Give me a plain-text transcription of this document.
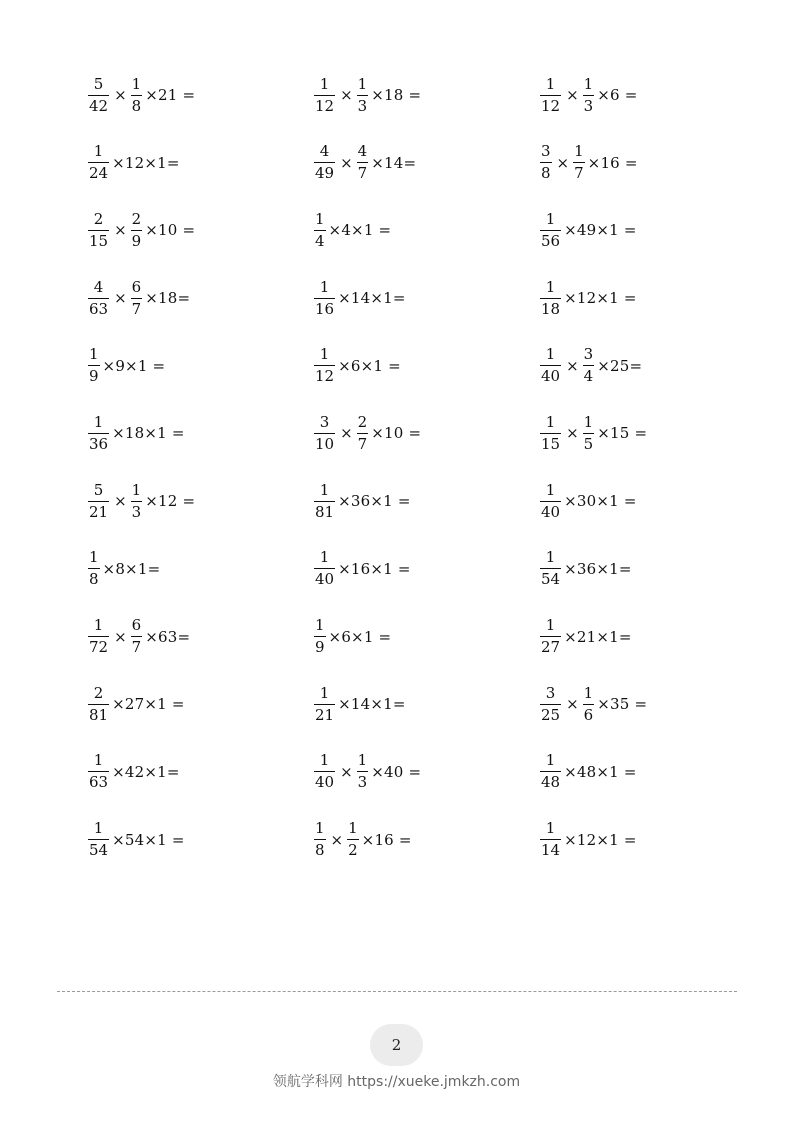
$\frac{5}{42} \times \frac{1}{8} \times 21$ =	$\frac{1}{12} \times \frac{1}{3} \times 18$ =	$\frac{1}{12} \times \frac{1}{3} \times 6$ =
$\frac{1}{24} \times 12\times 1=$	$\frac{4}{49} \times \frac{4}{7} \times 14=$	$\frac{3}{8} \times \frac{1}{7} \times 16$ =
$\frac{2}{15} \times \frac{2}{9} \times 10$ =	$\frac{1}{4} \times 4\times 1$ =	$\frac{1}{56} \times 49\times 1$ =
$\frac{4}{63} \times \frac{6}{7} \times 18=$	$\frac{1}{16} \times 14\times 1=$	$\frac{1}{18} \times 12\times 1$ =
$\frac{1}{9} \times 9\times 1$ =	$\frac{1}{12} \times 6\times 1$ =	$\frac{1}{40} \times \frac{3}{4} \times 25=$
$\frac{1}{36} \times 18\times 1$ =	$\frac{3}{10} \times \frac{2}{7} \times 10$ =	$\frac{1}{15} \times \frac{1}{5} \times 15$ =
$\frac{5}{21} \times \frac{1}{3} \times 12$ =	$\frac{1}{81} \times 36\times 1$ =	$\frac{1}{40} \times 30\times 1$ =
$\frac{1}{8} \times 8\times 1=$	$\frac{1}{40} \times 16\times 1$ =	$\frac{1}{54} \times 36\times 1=$
$\frac{1}{72} \times \frac{6}{7} \times 63=$	$\frac{1}{9} \times 6\times 1$ =	$\frac{1}{27} \times 21\times 1=$
$\frac{2}{81} \times 27\times 1$ =	$\frac{1}{21} \times 14\times 1=$	$\frac{3}{25} \times \frac{1}{6} \times 35$ =
$\frac{1}{63} \times 42\times 1=$	$\frac{1}{40} \times \frac{1}{3} \times 40$ =	$\frac{1}{48} \times 48\times 1$ =
$\frac{1}{54} \times 54\times 1$ =	$\frac{1}{8} \times \frac{1}{2} \times 16$ =	$\frac{1}{14} \times 12\times 1$ =
2
领航学科网 https://xueke.jmkzh.com
